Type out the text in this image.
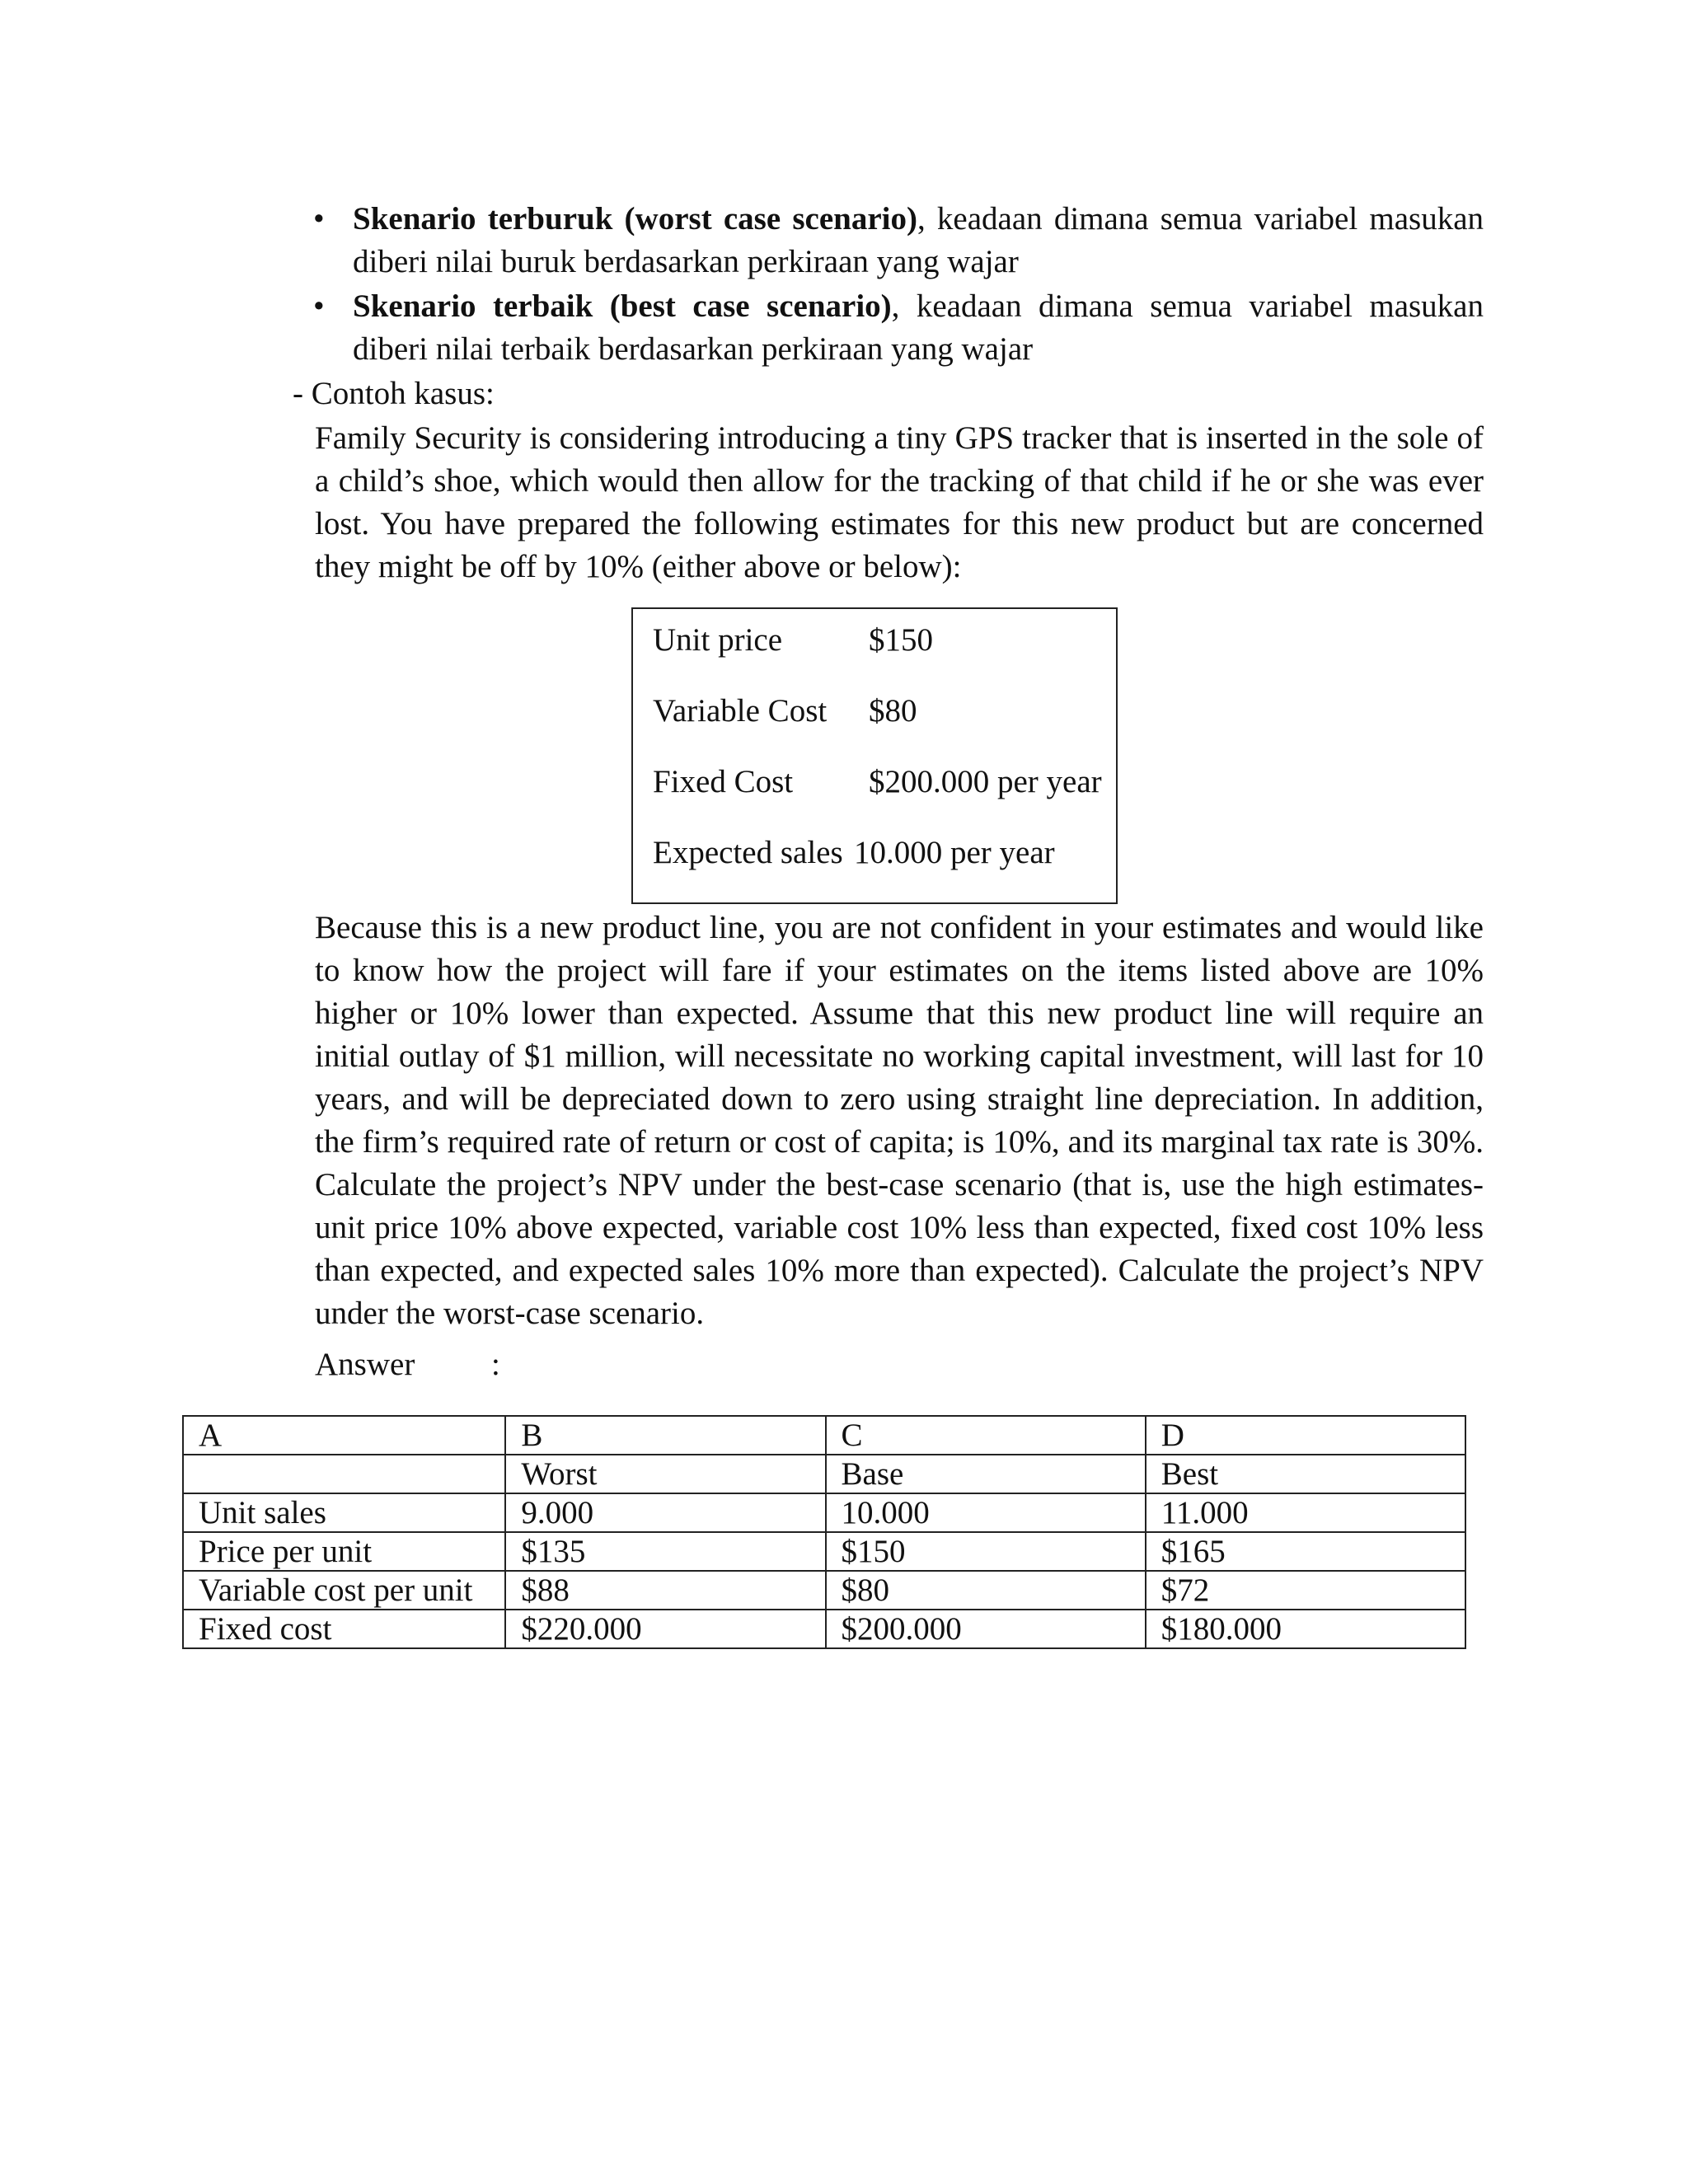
• Skenario terburuk (worst case scenario), keadaan dimana semua variabel masukan diberi nilai buruk berdasarkan perkiraan yang wajar
• Skenario terbaik (best case scenario), keadaan dimana semua variabel masukan diberi nilai terbaik berdasarkan perkiraan yang wajar
- Contoh kasus:

Family Security is considering introducing a tiny GPS tracker that is inserted in the sole of a child’s shoe, which would then allow for the tracking of that child if he or she was ever lost. You have prepared the following estimates for this new product but are concerned they might be off by 10% (either above or below):

Unit price	$150
Variable Cost $80
Fixed Cost $200.000 per year
Expected sales 10.000 per year

Because this is a new product line, you are not confident in your estimates and would like to know how the project will fare if your estimates on the items listed above are 10% higher or 10% lower than expected. Assume that this new product line will require an initial outlay of $1 million, will necessitate no working capital investment, will last for 10 years, and will be depreciated down to zero using straight line depreciation. In addition, the firm’s required rate of return or cost of capita; is 10%, and its marginal tax rate is 30%. Calculate the project’s NPV under the best-case scenario (that is, use the high estimates-unit price 10% above expected, variable cost 10% less than expected, fixed cost 10% less than expected, and expected sales 10% more than expected). Calculate the project’s NPV under the worst-case scenario.

Answer :
A	B	C	D
	Worst	Base	Best
Unit sales	9.000	10.000	11.000
Price per unit	$135	$150	$165
Variable cost per unit	$88	$80	$72
Fixed cost	$220.000	$200.000	$180.000
